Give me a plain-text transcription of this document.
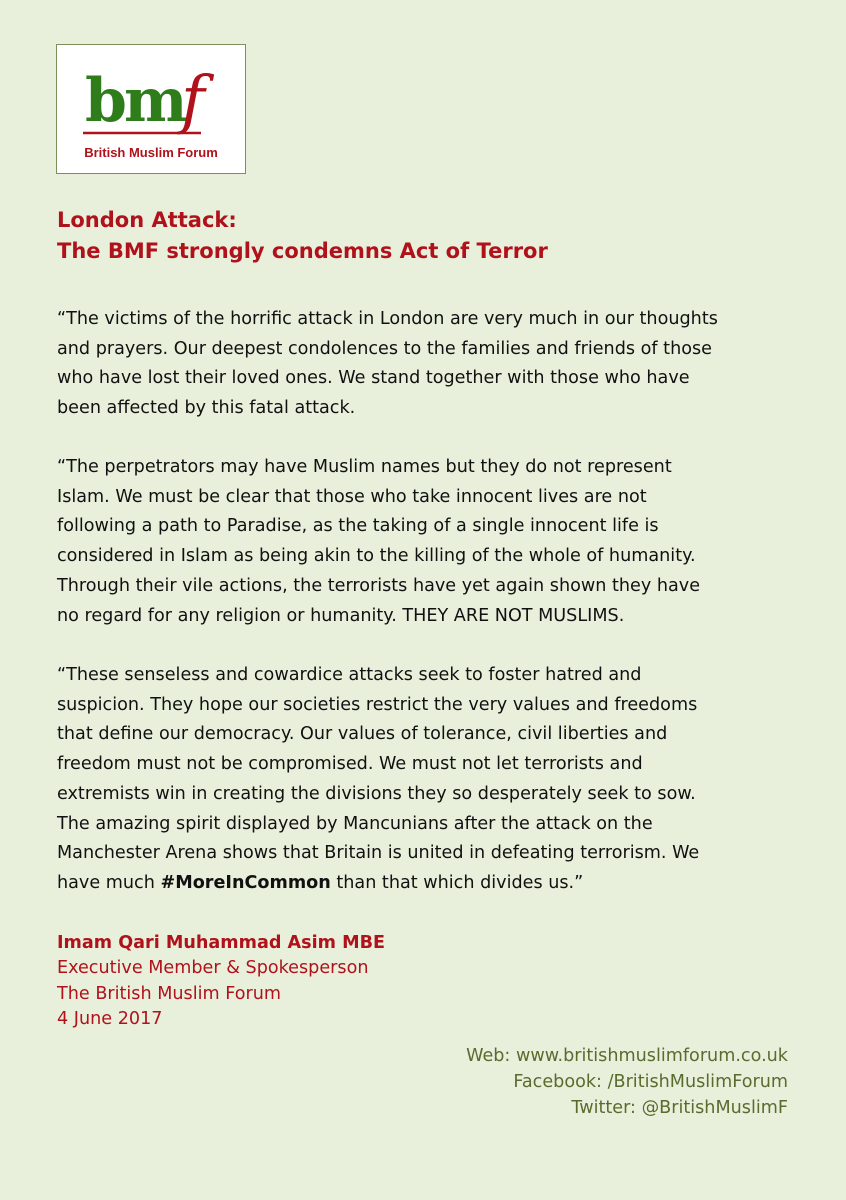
bm
f
British Muslim Forum
London Attack:
The BMF strongly condemns Act of Terror
“The victims of the horrific attack in London are very much in our thoughts
and prayers. Our deepest condolences to the families and friends of those
who have lost their loved ones. We stand together with those who have
been affected by this fatal attack.
“The perpetrators may have Muslim names but they do not represent
Islam. We must be clear that those who take innocent lives are not
following a path to Paradise, as the taking of a single innocent life is
considered in Islam as being akin to the killing of the whole of humanity.
Through their vile actions, the terrorists have yet again shown they have
no regard for any religion or humanity. THEY ARE NOT MUSLIMS.
“These senseless and cowardice attacks seek to foster hatred and
suspicion. They hope our societies restrict the very values and freedoms
that define our democracy. Our values of tolerance, civil liberties and
freedom must not be compromised. We must not let terrorists and
extremists win in creating the divisions they so desperately seek to sow.
The amazing spirit displayed by Mancunians after the attack on the
Manchester Arena shows that Britain is united in defeating terrorism. We
have much #MoreInCommon than that which divides us.”
Imam Qari Muhammad Asim MBE
Executive Member & Spokesperson
The British Muslim Forum
4 June 2017
Web: www.britishmuslimforum.co.uk
Facebook: /BritishMuslimForum
Twitter: @BritishMuslimF
